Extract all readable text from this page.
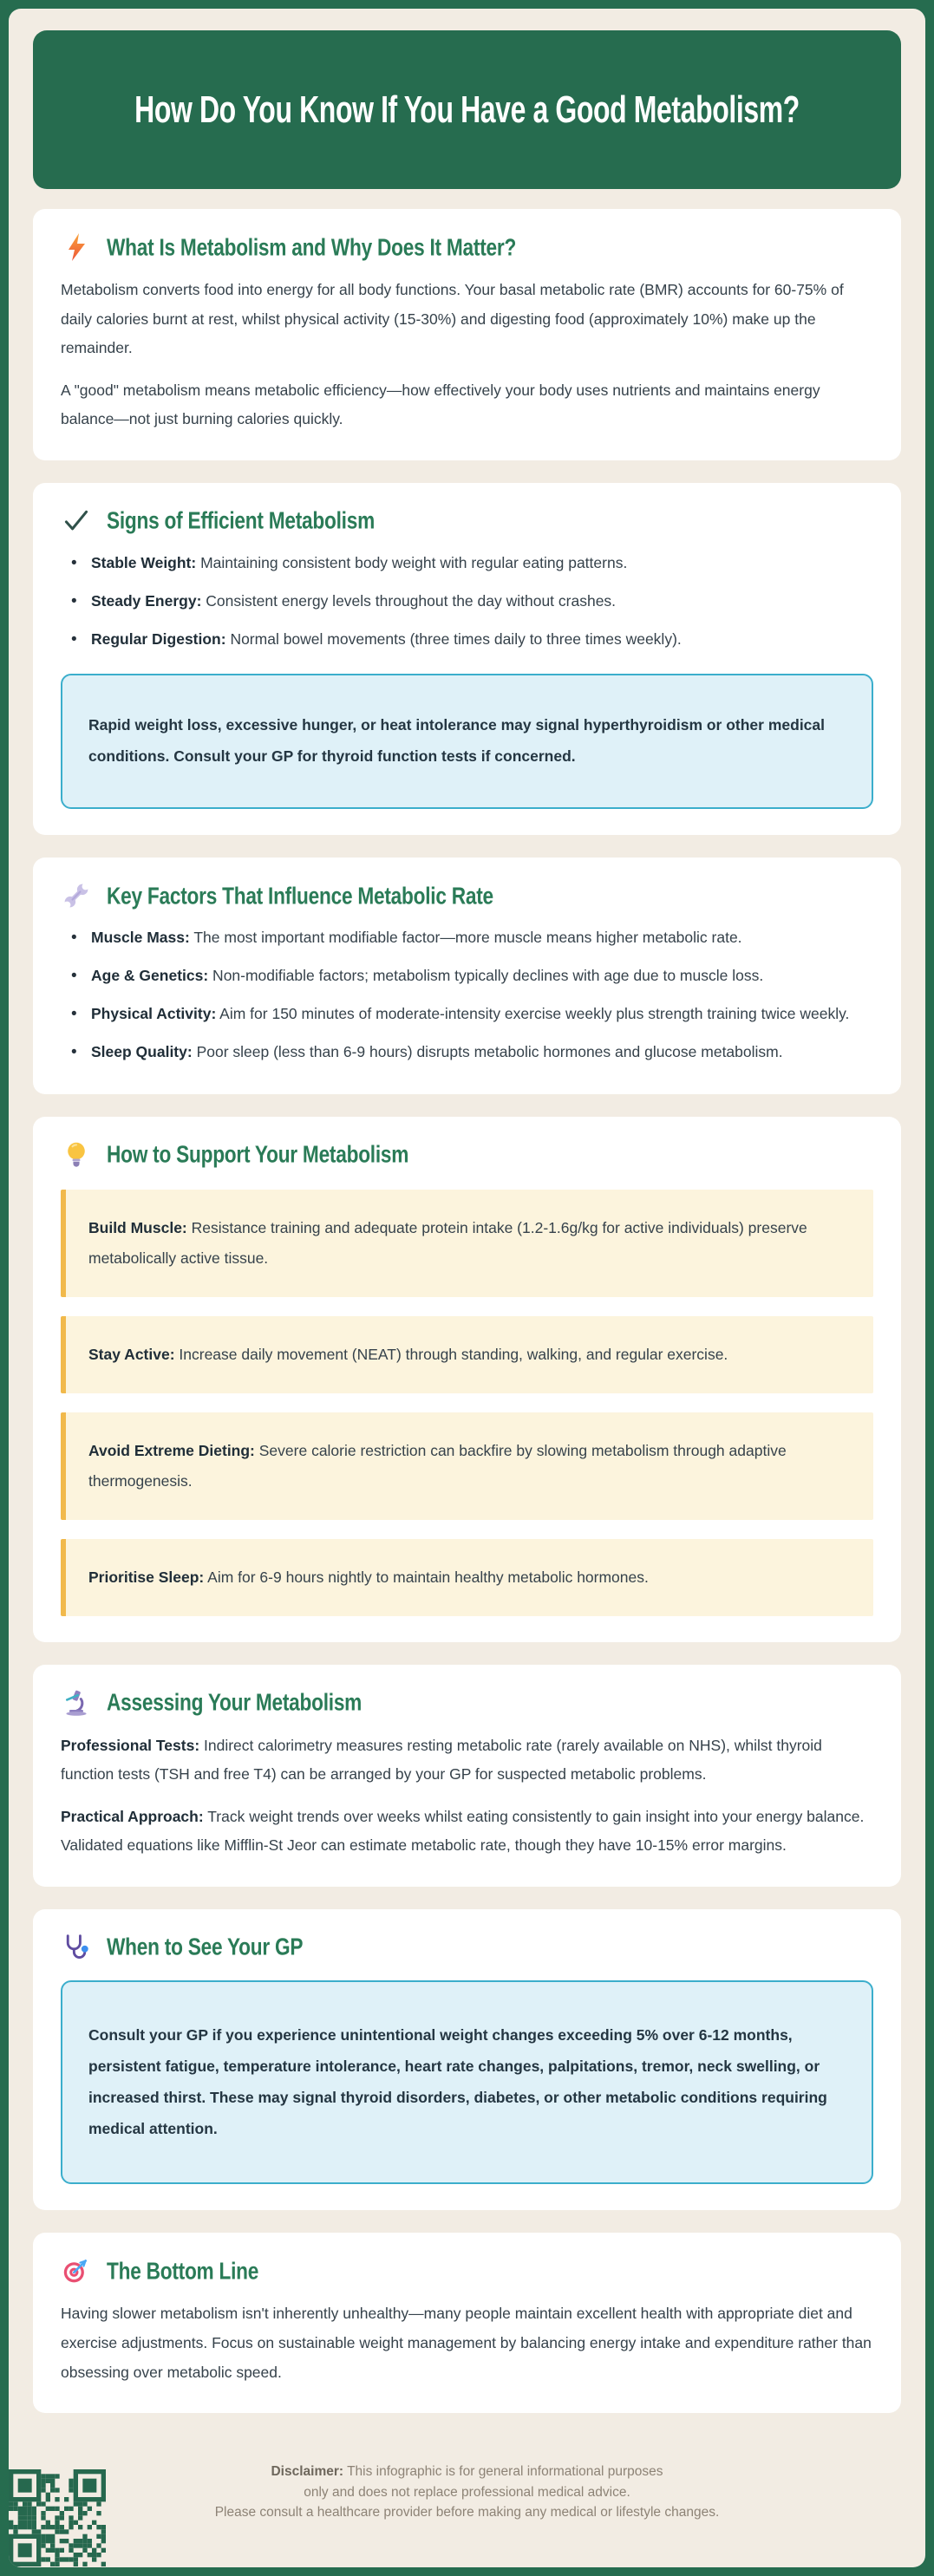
How Do You Know If You Have a Good Metabolism?
What Is Metabolism and Why Does It Matter?

Metabolism converts food into energy for all body functions. Your basal metabolic rate (BMR) accounts for 60-75% of daily calories burnt at rest, whilst physical activity (15-30%) and digesting food (approximately 10%) make up the remainder.

A "good" metabolism means metabolic efficiency—how effectively your body uses nutrients and maintains energy balance—not just burning calories quickly.

Signs of Efficient Metabolism
• Stable Weight: Maintaining consistent body weight with regular eating patterns.
• Steady Energy: Consistent energy levels throughout the day without crashes.
• Regular Digestion: Normal bowel movements (three times daily to three times weekly).
Rapid weight loss, excessive hunger, or heat intolerance may signal hyperthyroidism or other medical conditions. Consult your GP for thyroid function tests if concerned.
Key Factors That Influence Metabolic Rate
• Muscle Mass: The most important modifiable factor—more muscle means higher metabolic rate.
• Age & Genetics: Non-modifiable factors; metabolism typically declines with age due to muscle loss.
• Physical Activity: Aim for 150 minutes of moderate-intensity exercise weekly plus strength training twice weekly.
• Sleep Quality: Poor sleep (less than 6-9 hours) disrupts metabolic hormones and glucose metabolism.
How to Support Your Metabolism
Build Muscle: Resistance training and adequate protein intake (1.2-1.6g/kg for active individuals) preserve metabolically active tissue.
Stay Active: Increase daily movement (NEAT) through standing, walking, and regular exercise.
Avoid Extreme Dieting: Severe calorie restriction can backfire by slowing metabolism through adaptive thermogenesis.
Prioritise Sleep: Aim for 6-9 hours nightly to maintain healthy metabolic hormones.
Assessing Your Metabolism

Professional Tests: Indirect calorimetry measures resting metabolic rate (rarely available on NHS), whilst thyroid function tests (TSH and free T4) can be arranged by your GP for suspected metabolic problems.

Practical Approach: Track weight trends over weeks whilst eating consistently to gain insight into your energy balance. Validated equations like Mifflin-St Jeor can estimate metabolic rate, though they have 10-15% error margins.

When to See Your GP
Consult your GP if you experience unintentional weight changes exceeding 5% over 6-12 months, persistent fatigue, temperature intolerance, heart rate changes, palpitations, tremor, neck swelling, or increased thirst. These may signal thyroid disorders, diabetes, or other metabolic conditions requiring medical attention.
The Bottom Line

Having slower metabolism isn't inherently unhealthy—many people maintain excellent health with appropriate diet and exercise adjustments. Focus on sustainable weight management by balancing energy intake and expenditure rather than obsessing over metabolic speed.

Disclaimer: This infographic is for general informational purposes
only and does not replace professional medical advice.
Please consult a healthcare provider before making any medical or lifestyle changes.
